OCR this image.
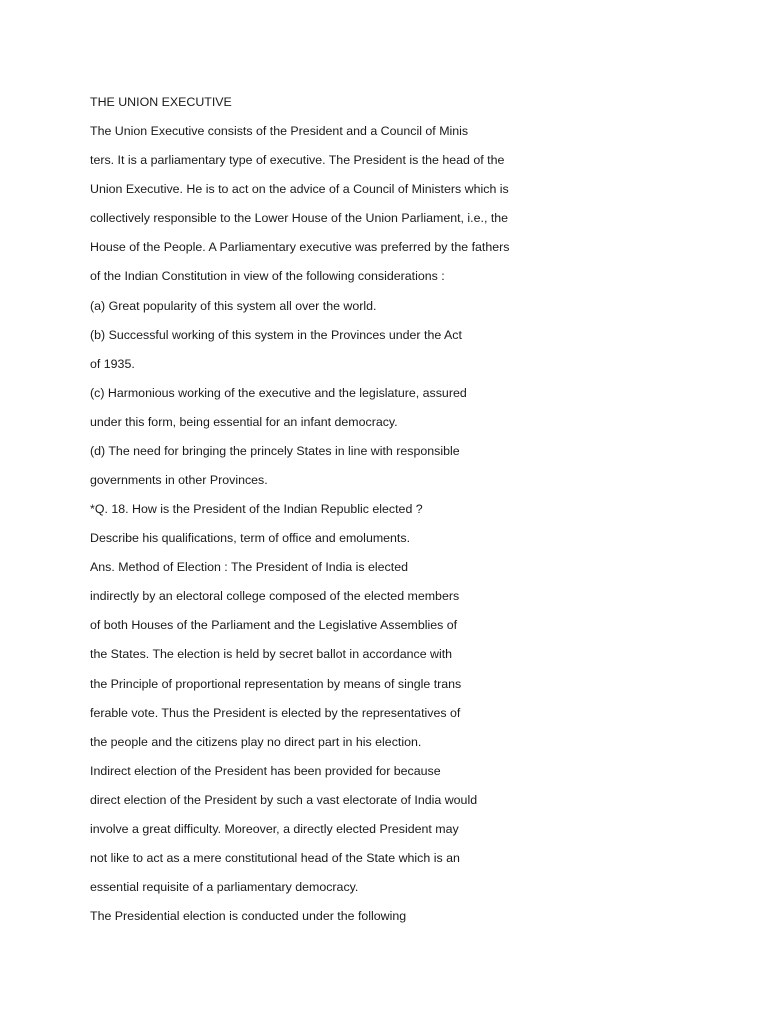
THE UNION EXECUTIVE
The Union Executive consists of the President and a Council of Minis
ters. It is a parliamentary type of executive. The President is the head of the
Union Executive. He is to act on the advice of a Council of Ministers which is
collectively responsible to the Lower House of the Union Parliament, i.e., the
House of the People. A Parliamentary executive was preferred by the fathers
of the Indian Constitution in view of the following considerations :
(a) Great popularity of this system all over the world.
(b) Successful working of this system in the Provinces under the Act
of 1935.
(c) Harmonious working of the executive and the legislature, assured
under this form, being essential for an infant democracy.
(d) The need for bringing the princely States in line with responsible
governments in other Provinces.
*Q. 18. How is the President of the Indian Republic elected ?
Describe his qualifications, term of office and emoluments.
Ans. Method of Election : The President of India is elected
indirectly by an electoral college composed of the elected members
of both Houses of the Parliament and the Legislative Assemblies of
the States. The election is held by secret ballot in accordance with
the Principle of proportional representation by means of single trans
ferable vote. Thus the President is elected by the representatives of
the people and the citizens play no direct part in his election.
Indirect election of the President has been provided for because
direct election of the President by such a vast electorate of India would
involve a great difficulty. Moreover, a directly elected President may
not like to act as a mere constitutional head of the State which is an
essential requisite of a parliamentary democracy.
The Presidential election is conducted under the following
